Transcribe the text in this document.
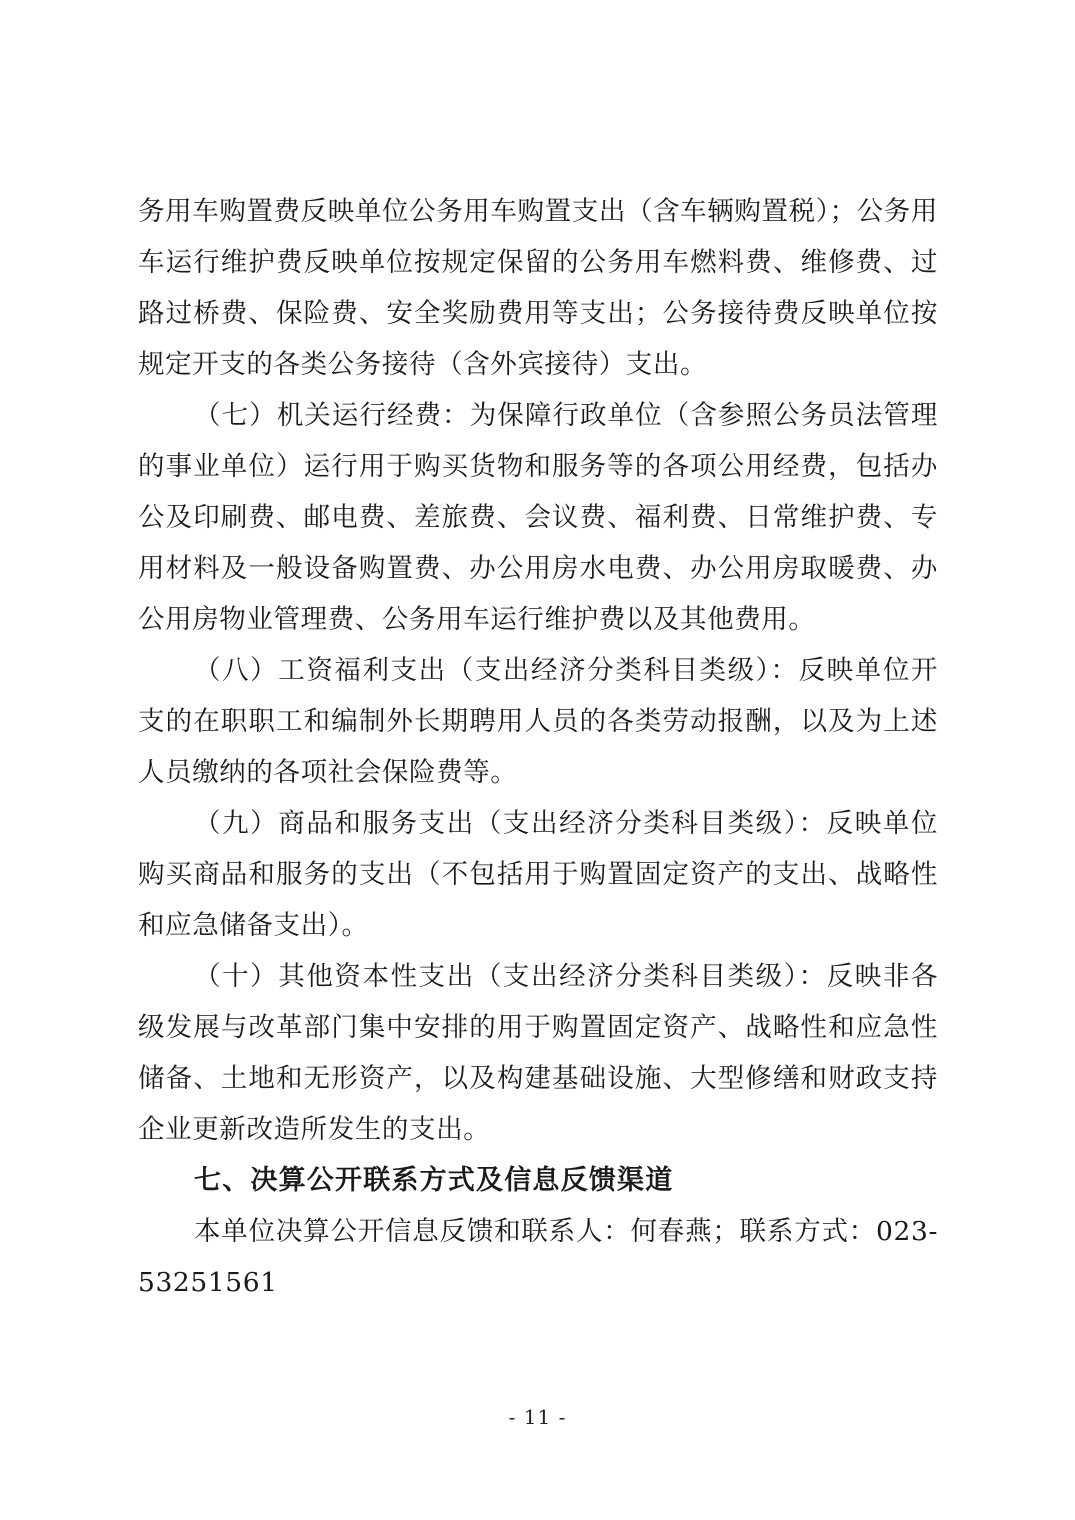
务用车购置费反映单位公务用车购置支出（含车辆购置税）；公务用车运行维护费反映单位按规定保留的公务用车燃料费、维修费、过路过桥费、保险费、安全奖励费用等支出；公务接待费反映单位按规定开支的各类公务接待（含外宾接待）支出。

（七）机关运行经费：为保障行政单位（含参照公务员法管理的事业单位）运行用于购买货物和服务等的各项公用经费，包括办公及印刷费、邮电费、差旅费、会议费、福利费、日常维护费、专用材料及一般设备购置费、办公用房水电费、办公用房取暖费、办公用房物业管理费、公务用车运行维护费以及其他费用。

（八）工资福利支出（支出经济分类科目类级）：反映单位开支的在职职工和编制外长期聘用人员的各类劳动报酬，以及为上述人员缴纳的各项社会保险费等。

（九）商品和服务支出（支出经济分类科目类级）：反映单位购买商品和服务的支出（不包括用于购置固定资产的支出、战略性和应急储备支出）。

（十）其他资本性支出（支出经济分类科目类级）：反映非各级发展与改革部门集中安排的用于购置固定资产、战略性和应急性储备、土地和无形资产，以及构建基础设施、大型修缮和财政支持企业更新改造所发生的支出。

七、决算公开联系方式及信息反馈渠道

本单位决算公开信息反馈和联系人：何春燕；联系方式：023-53251561

- 11 -
